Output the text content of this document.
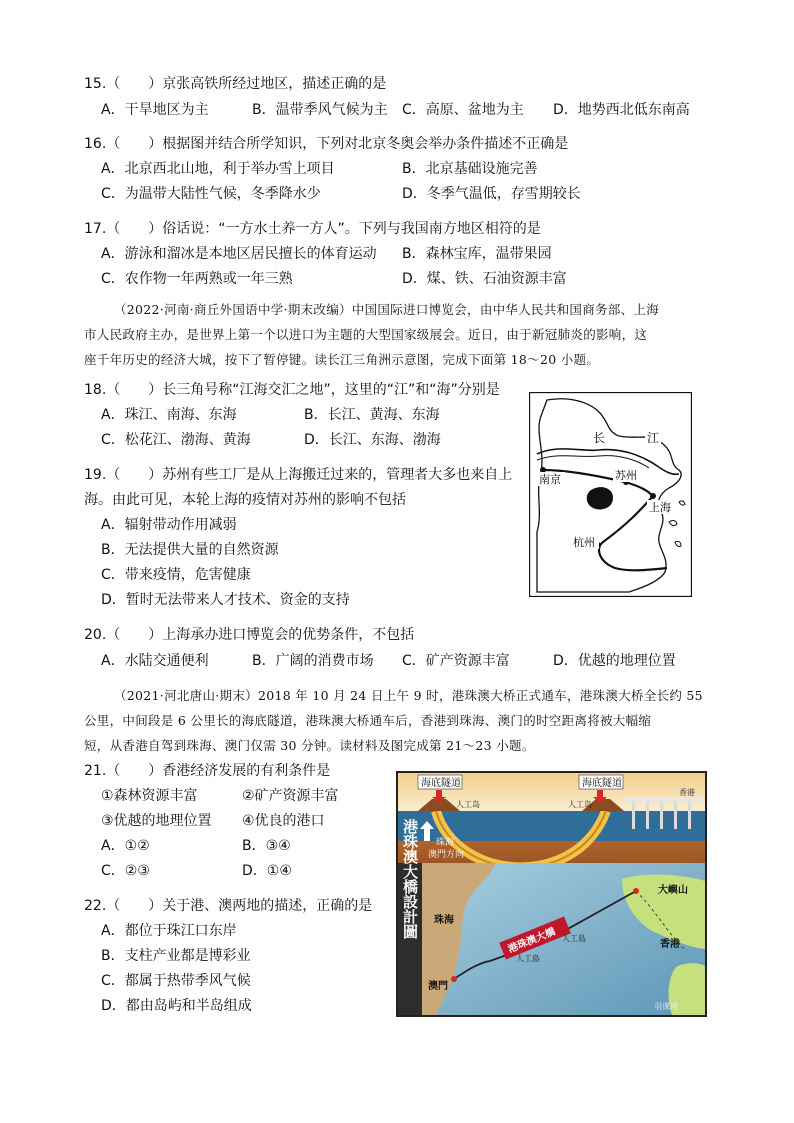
15.（　　）京张高铁所经过地区，描述正确的是
A．干旱地区为主	B．温带季风气候为主 C．高原、盆地为主 D．地势西北低东南高
16.（　　）根据图并结合所学知识，下列对北京冬奥会举办条件描述不正确是
A．北京西北山地，利于举办雪上项目	B．北京基础设施完善
C．为温带大陆性气候，冬季降水少	D．冬季气温低，存雪期较长
17.（　　）俗话说：“一方水土养一方人”。下列与我国南方地区相符的是
A．游泳和溜冰是本地区居民擅长的体育运动 B．森林宝库，温带果园
C．农作物一年两熟或一年三熟	D．煤、铁、石油资源丰富

（2022·河南·商丘外国语中学·期末改编）中国国际进口博览会，由中华人民共和国商务部、上海

市人民政府主办，是世界上第一个以进口为主题的大型国家级展会。近日，由于新冠肺炎的影响，这
座千年历史的经济大城，按下了暂停键。读长江三角洲示意图，完成下面第 18～20 小题。
18.（　　）长三角号称“江海交汇之地”，这里的“江”和“海”分别是
A．珠江、南海、东海	B．长江、黄海、东海
C．松花江、渤海、黄海	D．长江、东海、渤海
19.（　　）苏州有些工厂是从上海搬迁过来的，管理者大多也来自上
海。由此可见，本轮上海的疫情对苏州的影响不包括
A．辐射带动作用减弱
B．无法提供大量的自然资源
C．带来疫情，危害健康
D．暂时无法带来人才技术、资金的支持
长	江
南京	苏州
上海
杭州
20.（　　）上海承办进口博览会的优势条件，不包括
A．水陆交通便利	B．广阔的消费市场 C．矿产资源丰富	D．优越的地理位置

（2021·河北唐山·期末）2018 年 10 月 24 日上午 9 时，港珠澳大桥正式通车，港珠澳大桥全长约 55

公里，中间段是 6 公里长的海底隧道，港珠澳大桥通车后，香港到珠海、澳门的时空距离将被大幅缩
短，从香港自驾到珠海、澳门仅需 30 分钟。读材料及图完成第 21～23 小题。
21.（　　）香港经济发展的有利条件是
①森林资源丰富	②矿产资源丰富
③优越的地理位置 ④优良的港口
A．①②	B．③④
C．②③	D．①④
22.（　　）关于港、澳两地的描述，正确的是
A．都位于珠江口东岸
B．支柱产业都是博彩业
C．都属于热带季风气候
D．都由岛屿和半岛组成
海底隧道	海底隧道
人工岛	人工岛
香港
珠海
澳門方向
港珠澳大橋設計圖	大嶼山
珠海
港珠澳大橋 人工島
人工島
香港
澳門
羽课网
